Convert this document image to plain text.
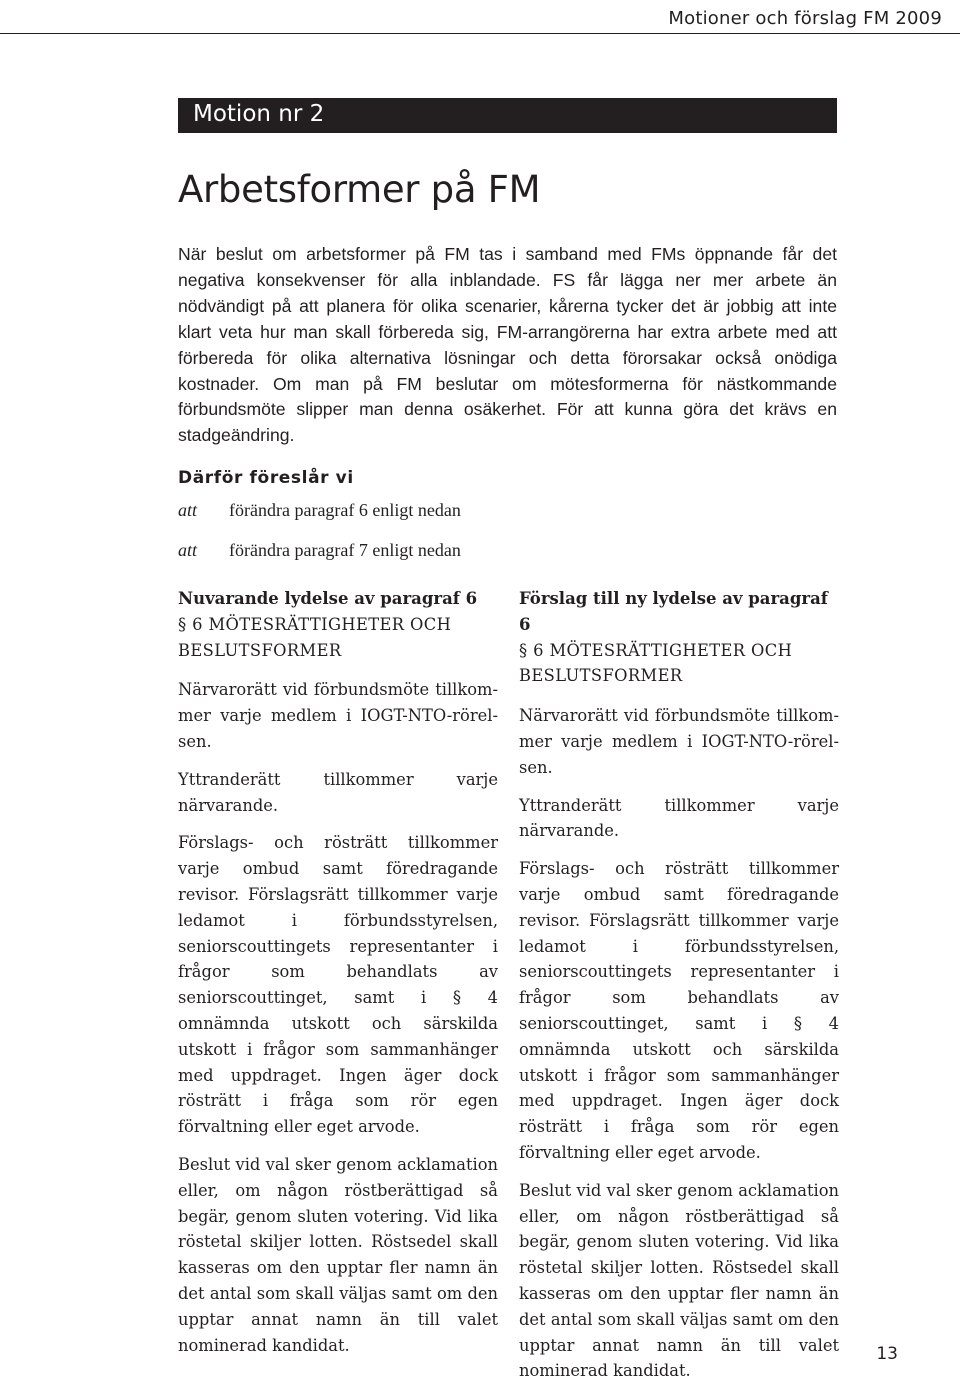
Motioner och förslag FM 2009
Motion nr 2
Arbetsformer på FM

När beslut om arbetsformer på FM tas i samband med FMs öppnande får det negativa konsekvenser för alla inblandade. FS får lägga ner mer arbete än nödvändigt på att planera för olika scenarier, kårerna tycker det är jobbig att inte klart veta hur man skall förbereda sig, FM-arrangörerna har extra arbete med att förbereda för olika alternativa lösningar och detta förorsakar också onödiga kostnader. Om man på FM beslutar om mötesformerna för nästkommande förbundsmöte slipper man denna osäkerhet. För att kunna göra det krävs en stadgeändring.

Därför föreslår vi
att förändra paragraf 6 enligt nedan
att förändra paragraf 7 enligt nedan

Nuvarande lydelse av paragraf 6

§ 6 MÖTESRÄTTIGHETER OCH BESLUTSFORMER

Närvarorätt vid förbundsmöte tillkommer varje medlem i IOGT-NTO-rörelsen.

Yttranderätt tillkommer varje närvarande.

Förslags- och rösträtt tillkommer varje ombud samt föredragande revisor. Förslagsrätt tillkommer varje ledamot i förbundsstyrelsen, seniorscouttingets representanter i frågor som behandlats av seniorscouttinget, samt i § 4 omnämnda utskott och särskilda utskott i frågor som sammanhänger med uppdraget. Ingen äger dock rösträtt i fråga som rör egen förvaltning eller eget arvode.

Beslut vid val sker genom acklamation eller, om någon röstberättigad så begär, genom sluten votering. Vid lika röstetal skiljer lotten. Röstsedel skall kasseras om den upptar fler namn än det antal som skall väljas samt om den upptar annat namn än till valet nominerad kandidat.

Förslag till ny lydelse av paragraf 6

§ 6 MÖTESRÄTTIGHETER OCH BESLUTSFORMER

Närvarorätt vid förbundsmöte tillkommer varje medlem i IOGT-NTO-rörelsen.

Yttranderätt tillkommer varje närvarande.

Förslags- och rösträtt tillkommer varje ombud samt föredragande revisor. Förslagsrätt tillkommer varje ledamot i förbundsstyrelsen, seniorscouttingets representanter i frågor som behandlats av seniorscouttinget, samt i § 4 omnämnda utskott och särskilda utskott i frågor som sammanhänger med uppdraget. Ingen äger dock rösträtt i fråga som rör egen förvaltning eller eget arvode.

Beslut vid val sker genom acklamation eller, om någon röstberättigad så begär, genom sluten votering. Vid lika röstetal skiljer lotten. Röstsedel skall kasseras om den upptar fler namn än det antal som skall väljas samt om den upptar annat namn än till valet nominerad kandidat.

13
